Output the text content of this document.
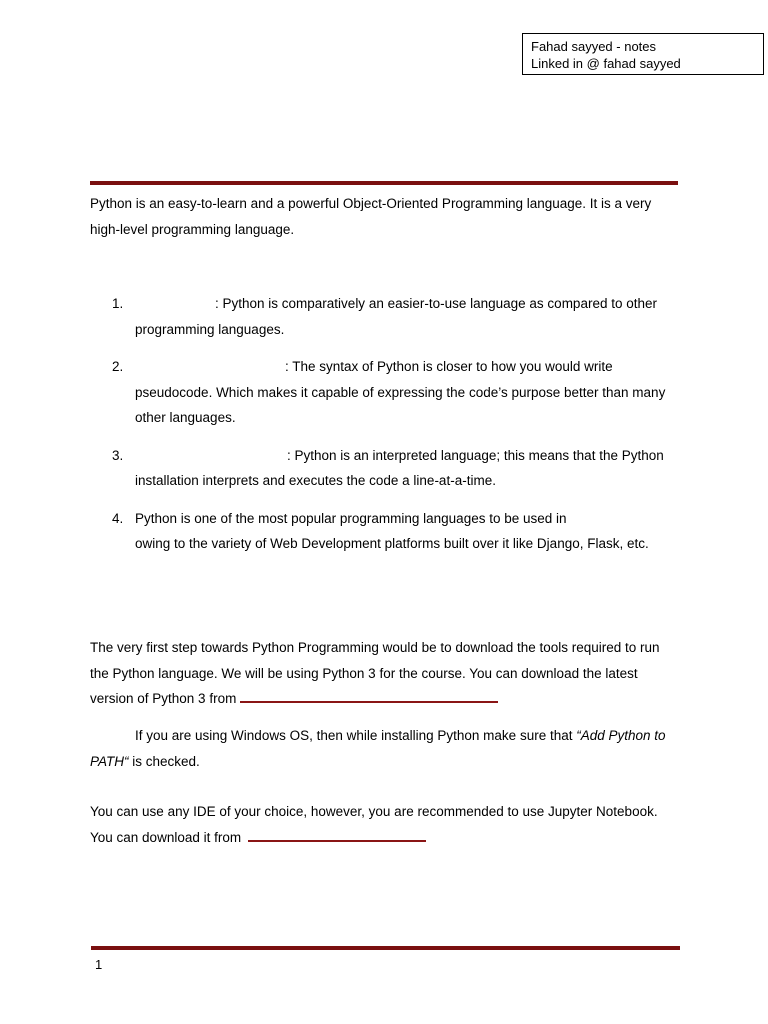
Fahad sayyed - notes
Linked in @ fahad sayyed

Python is an easy-to-learn and a powerful Object-Oriented Programming language. It is a very high-level programming language.

1.	: Python is comparatively an easier-to-use language as compared to other programming languages.
2.	: The syntax of Python is closer to how you would write pseudocode. Which makes it capable of expressing the code’s purpose better than many other languages.
3.	: Python is an interpreted language; this means that the Python installation interprets and executes the code a line-at-a-time.
4. Python is one of the most popular programming languages to be used in  owing to the variety of Web Development platforms built over it like Django, Flask, etc.

The very first step towards Python Programming would be to download the tools required to run the Python language. We will be using Python 3 for the course. You can download the latest version of Python 3 from

If you are using Windows OS, then while installing Python make sure that “Add Python to PATH“ is checked.

You can use any IDE of your choice, however, you are recommended to use Jupyter Notebook. You can download it from

1
